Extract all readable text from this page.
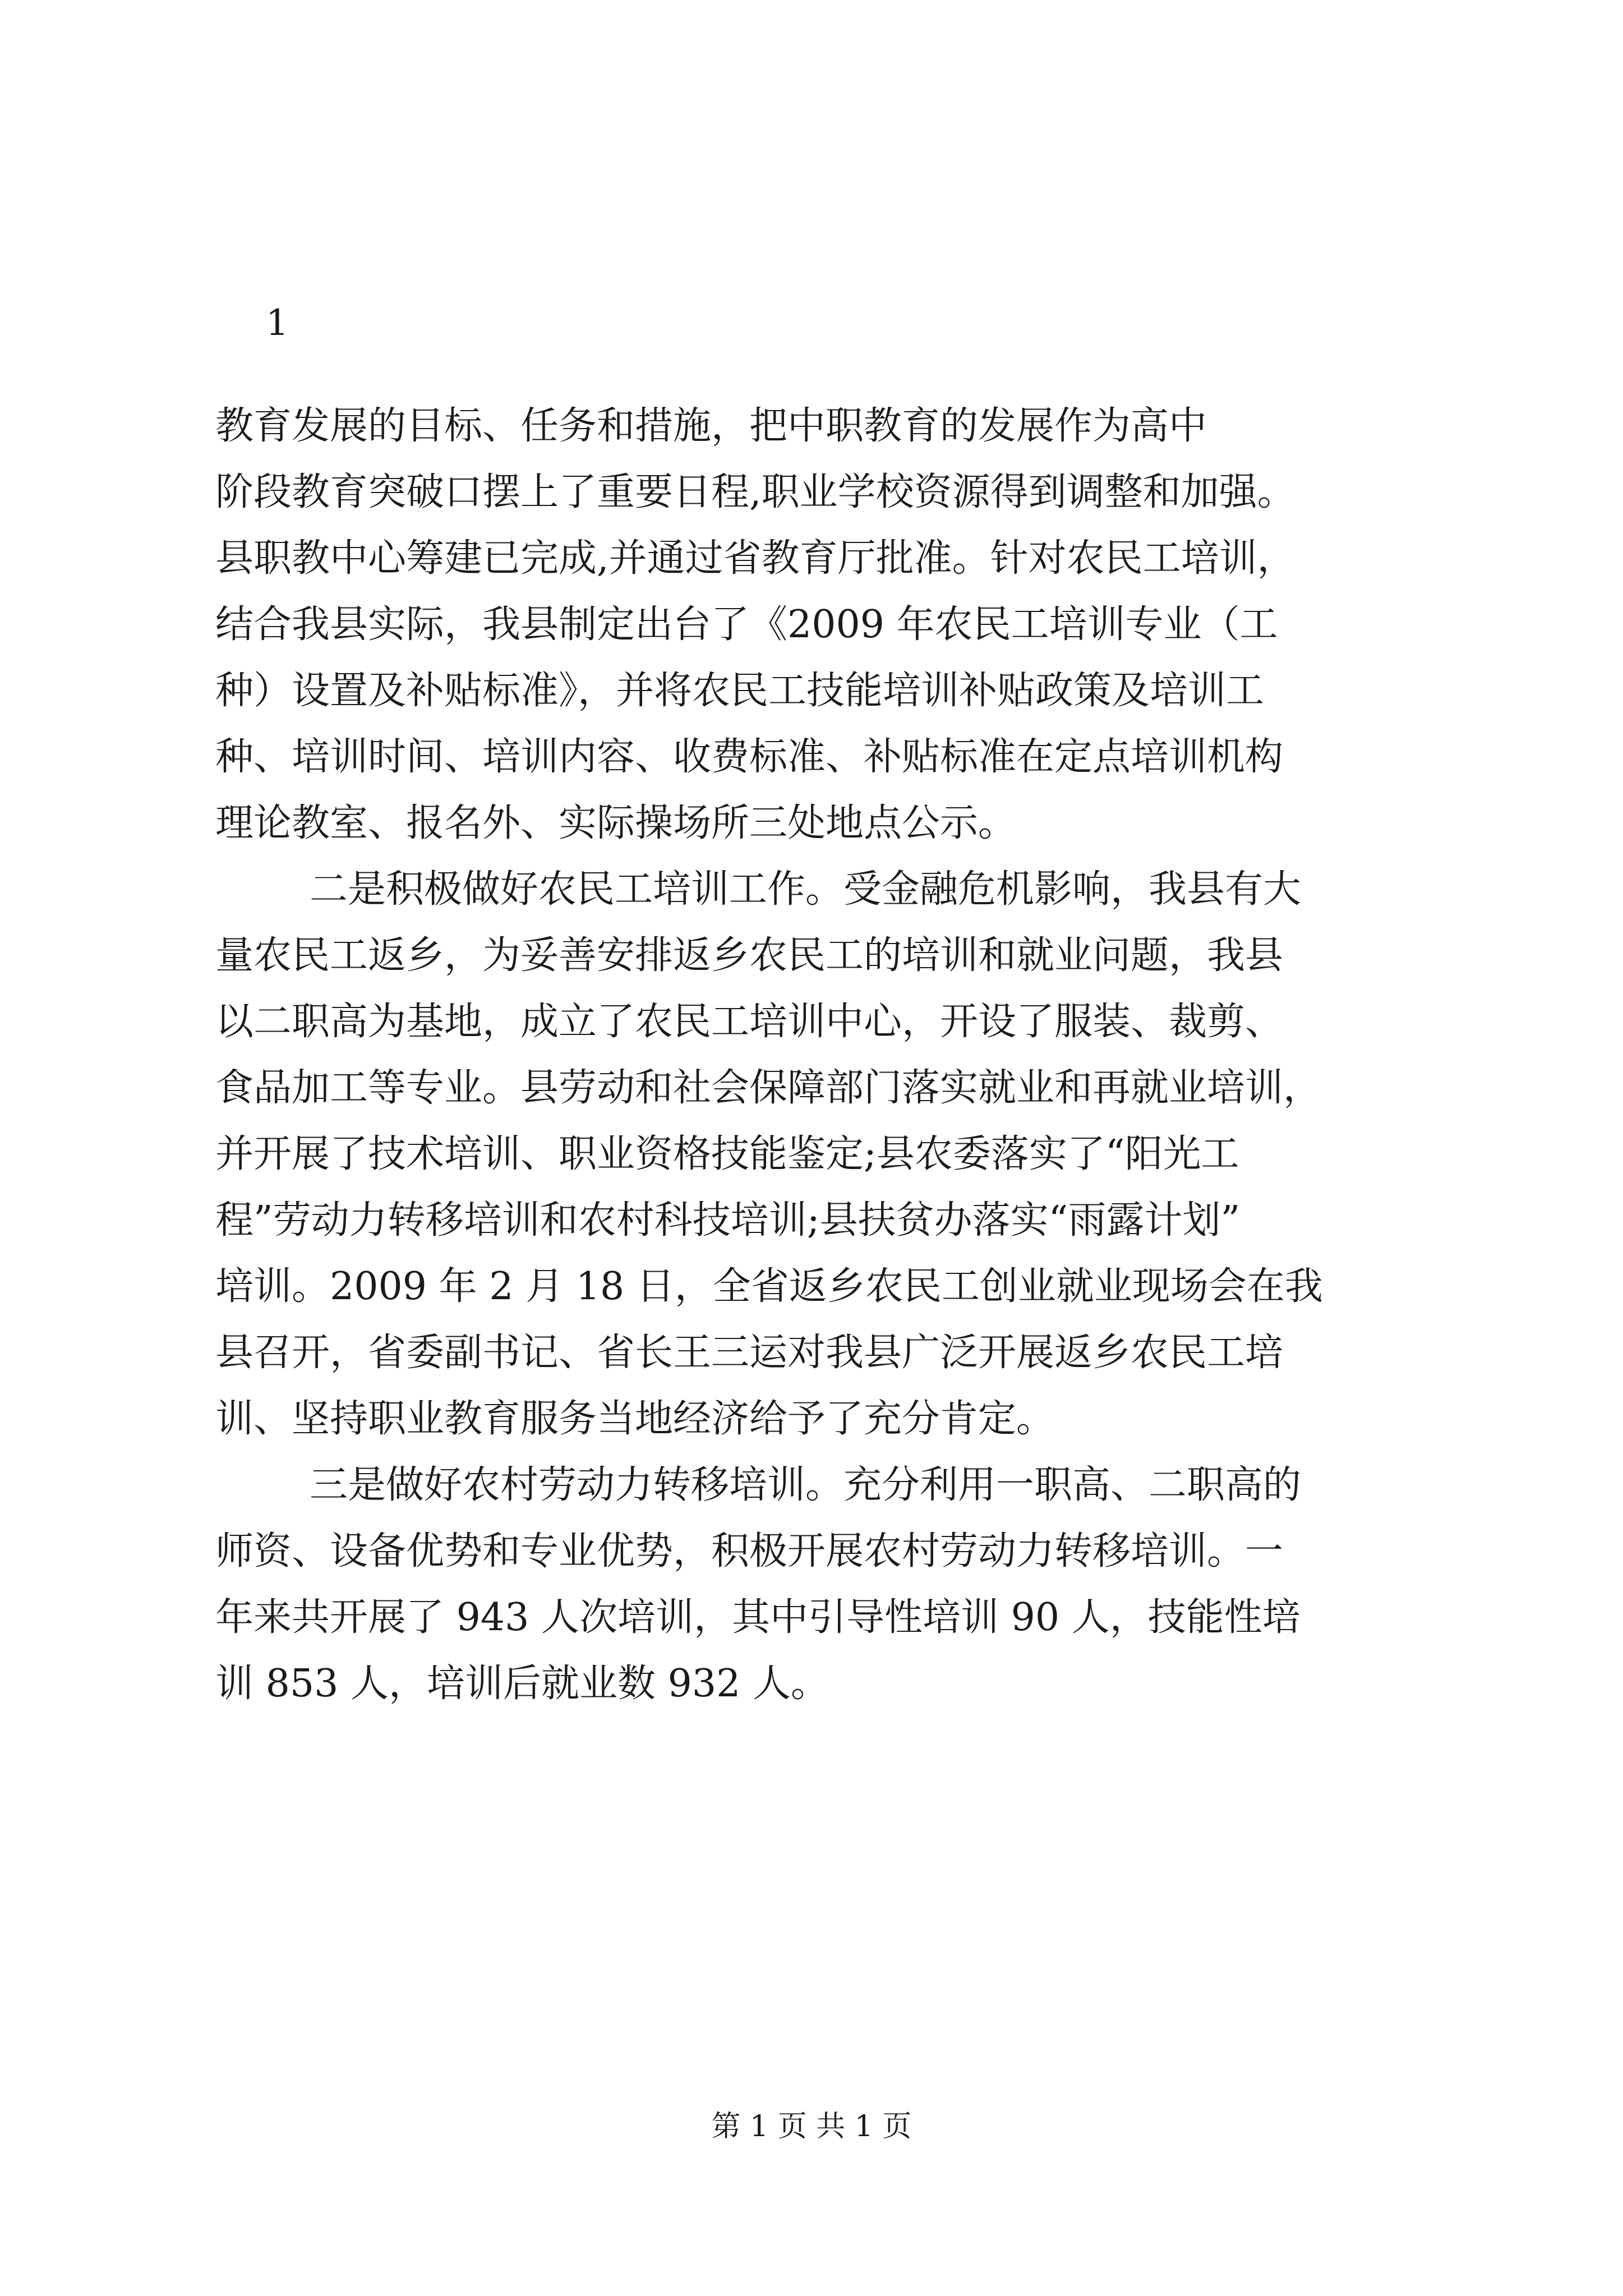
1

教育发展的目标、任务和措施，把中职教育的发展作为高中

阶段教育突破口摆上了重要日程,职业学校资源得到调整和加强。

县职教中心筹建已完成,并通过省教育厅批准。针对农民工培训，

结合我县实际，我县制定出台了《2009 年农民工培训专业（工

种）设置及补贴标准》，并将农民工技能培训补贴政策及培训工

种、培训时间、培训内容、收费标准、补贴标准在定点培训机构

理论教室、报名外、实际操场所三处地点公示。

二是积极做好农民工培训工作。受金融危机影响，我县有大

量农民工返乡，为妥善安排返乡农民工的培训和就业问题，我县

以二职高为基地，成立了农民工培训中心，开设了服装、裁剪、

食品加工等专业。县劳动和社会保障部门落实就业和再就业培训，

并开展了技术培训、职业资格技能鉴定;县农委落实了“阳光工

程”劳动力转移培训和农村科技培训;县扶贫办落实“雨露计划”

培训。2009 年 2 月 18 日，全省返乡农民工创业就业现场会在我

县召开，省委副书记、省长王三运对我县广泛开展返乡农民工培

训、坚持职业教育服务当地经济给予了充分肯定。

三是做好农村劳动力转移培训。充分利用一职高、二职高的

师资、设备优势和专业优势，积极开展农村劳动力转移培训。一

年来共开展了 943 人次培训，其中引导性培训 90 人，技能性培

训 853 人，培训后就业数 932 人。

第 1 页 共 1 页
